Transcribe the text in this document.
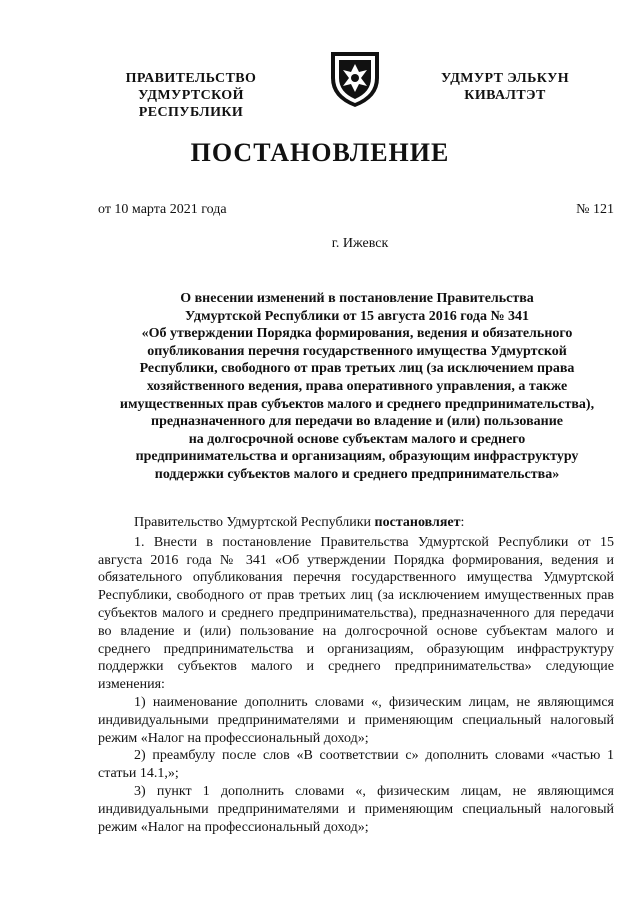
ПРАВИТЕЛЬСТВО
УДМУРТСКОЙ РЕСПУБЛИКИ
УДМУРТ ЭЛЬКУН
КИВАЛТЭТ
ПОСТАНОВЛЕНИЕ
от 10 марта 2021 года	№ 121
г. Ижевск
О внесении изменений в постановление Правительства
Удмуртской Республики от 15 августа 2016 года № 341
«Об утверждении Порядка формирования, ведения и обязательного
опубликования перечня государственного имущества Удмуртской
Республики, свободного от прав третьих лиц (за исключением права
хозяйственного ведения, права оперативного управления, а также
имущественных прав субъектов малого и среднего предпринимательства),
предназначенного для передачи во владение и (или) пользование
на долгосрочной основе субъектам малого и среднего
предпринимательства и организациям, образующим инфраструктуру
поддержки субъектов малого и среднего предпринимательства»

Правительство Удмуртской Республики постановляет:

1. Внести в постановление Правительства Удмуртской Республики от 15 августа 2016 года № 341 «Об утверждении Порядка формирования, ведения и обязательного опубликования перечня государственного имущества Удмуртской Республики, свободного от прав третьих лиц (за исключением имущественных прав субъектов малого и среднего предпринимательства), предназначенного для передачи во владение и (или) пользование на долгосрочной основе субъектам малого и среднего предпринимательства и организациям, образующим инфраструктуру поддержки субъектов малого и среднего предпринимательства» следующие изменения:

1) наименование дополнить словами «, физическим лицам, не являющимся индивидуальными предпринимателями и применяющим специальный налоговый режим «Налог на профессиональный доход»;

2) преамбулу после слов «В соответствии с» дополнить словами «частью 1 статьи 14.1,»;

3) пункт 1 дополнить словами «, физическим лицам, не являющимся индивидуальными предпринимателями и применяющим специальный налоговый режим «Налог на профессиональный доход»;
